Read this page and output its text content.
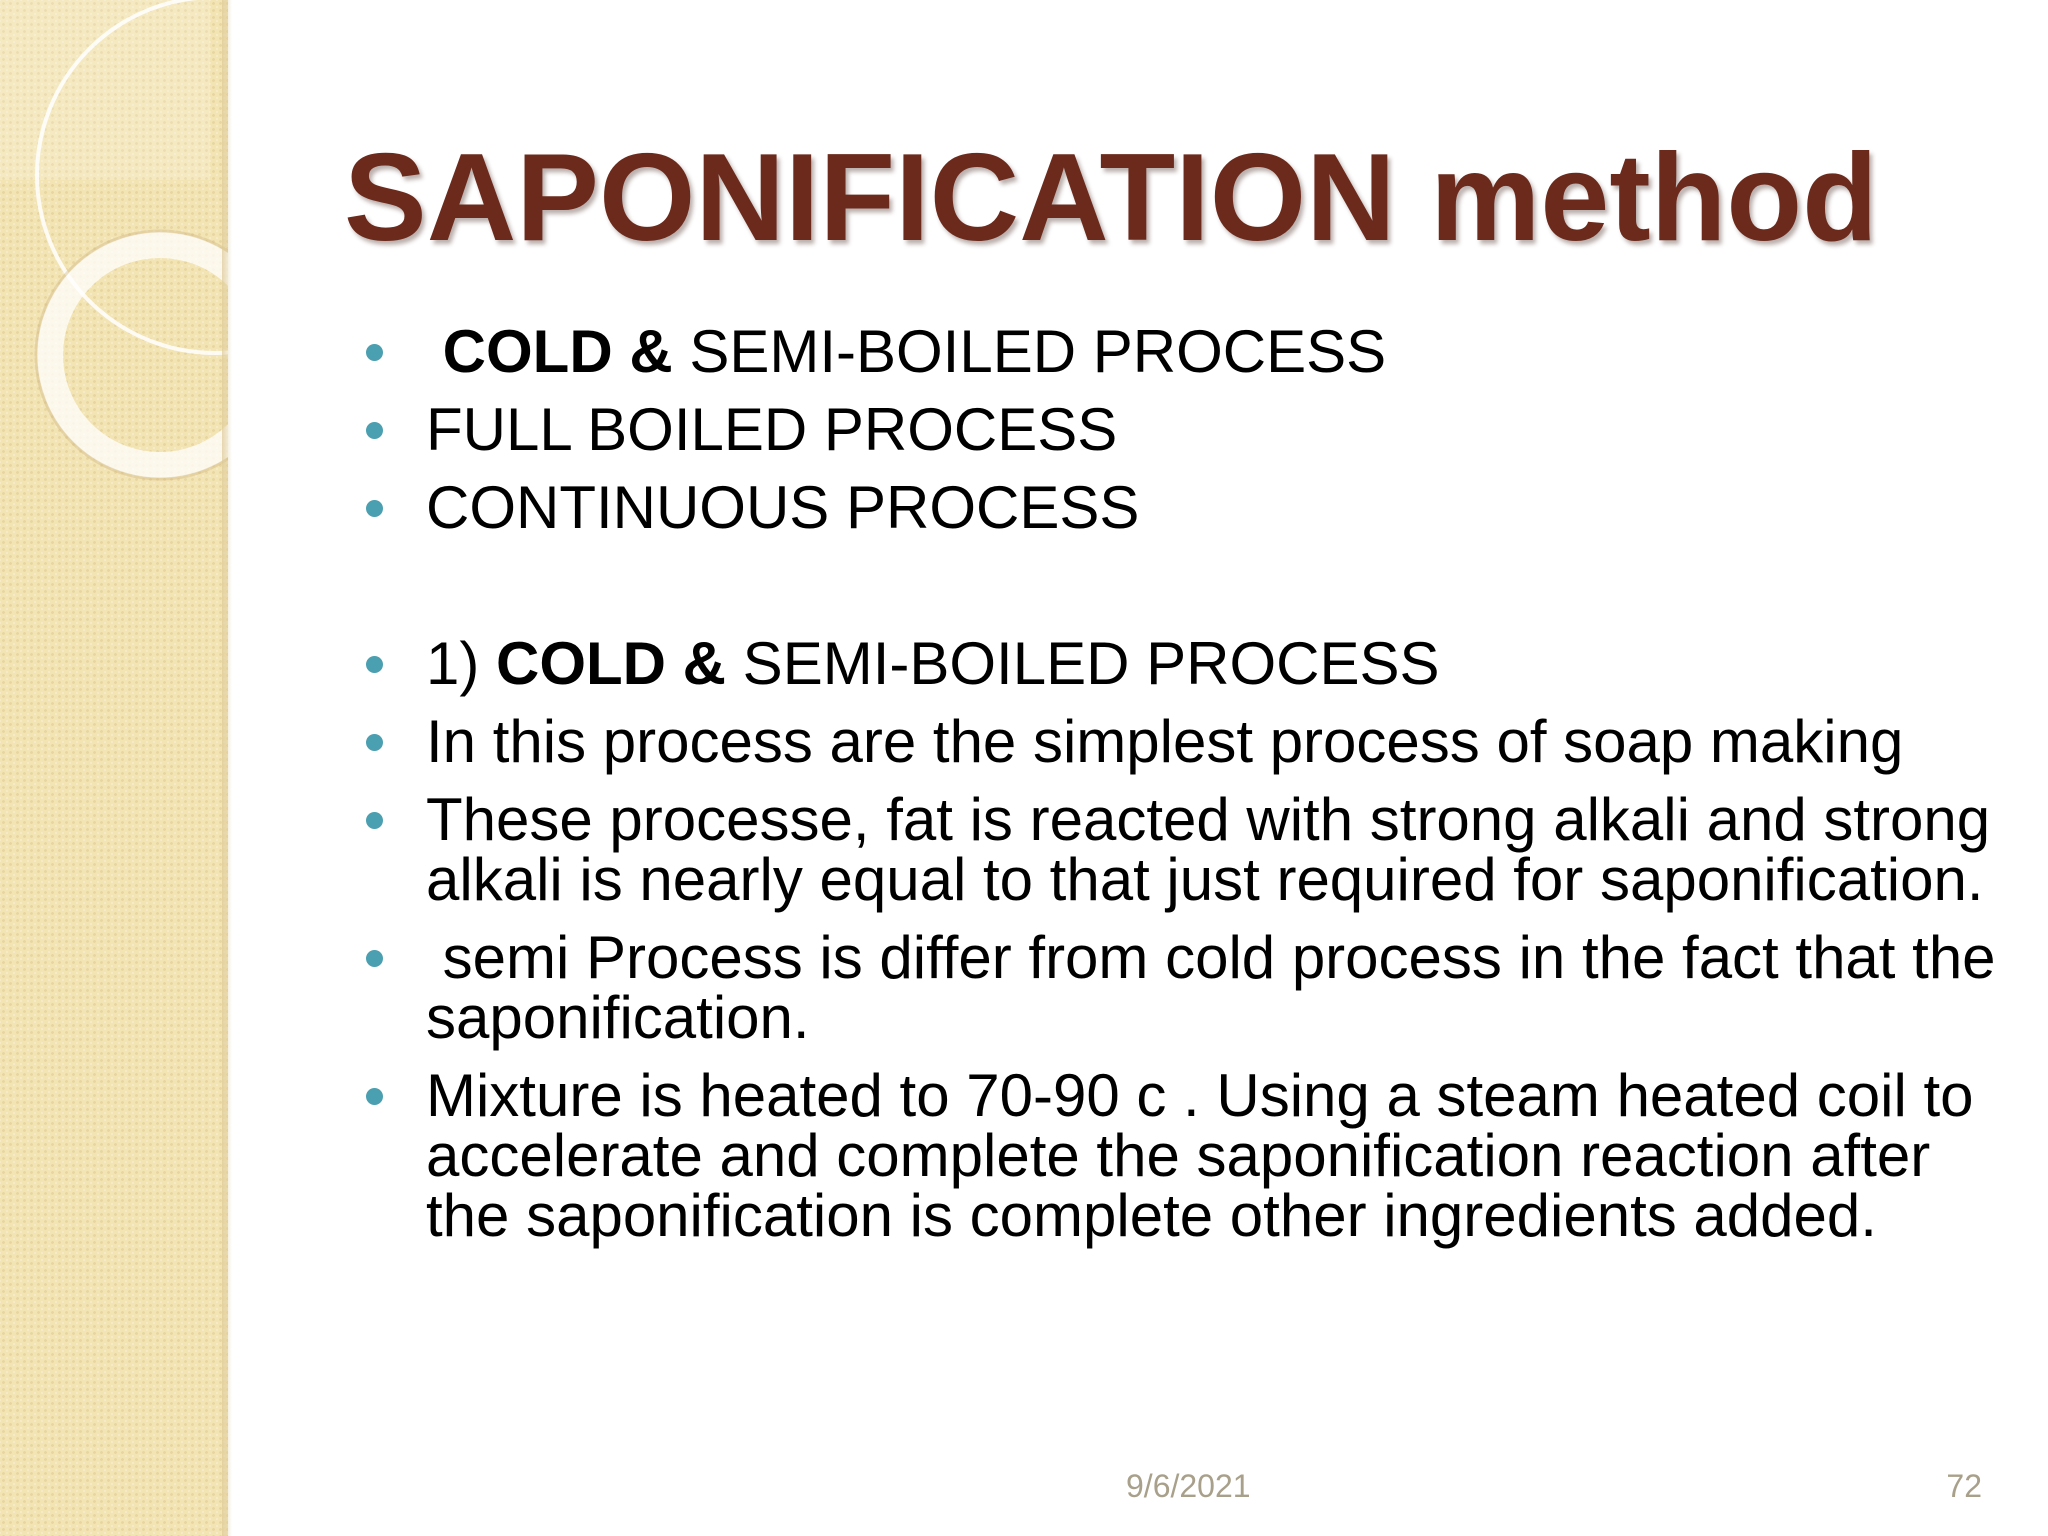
SAPONIFICATION method
COLD & SEMI-BOILED PROCESS
FULL BOILED PROCESS
CONTINUOUS PROCESS
1) COLD & SEMI-BOILED PROCESS
In this process are the simplest process of soap making
These processe, fat is reacted with strong alkali and strong alkali is nearly equal to that just required for saponification.
semi Process is differ from cold process in the fact that the saponification.
Mixture is heated to 70-90 c . Using a steam heated coil to accelerate and complete the saponification reaction after the saponification is complete other ingredients added.
9/6/2021	72
